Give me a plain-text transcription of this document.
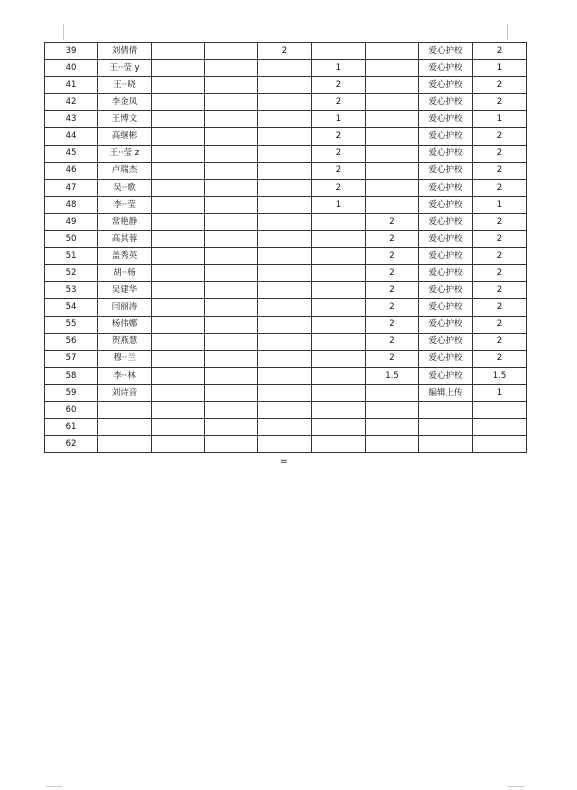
39	刘倩倩			2			爱心护校	2
40	王··莹 y				1		爱心护校	1
41	王··晓				2		爱心护校	2
42	李金凤				2		爱心护校	2
43	王博文				1		爱心护校	1
44	高继彬				2		爱心护校	2
45	王··莹 z				2		爱心护校	2
46	卢瑞杰				2		爱心护校	2
47	吴··歌				2		爱心护校	2
48	李··莹				1		爱心护校	1
49	常艳静					2	爱心护校	2
50	高其蓉					2	爱心护校	2
51	盖秀英					2	爱心护校	2
52	胡··杨					2	爱心护校	2
53	吴建华					2	爱心护校	2
54	闫丽涛					2	爱心护校	2
55	杨伟娜					2	爱心护校	2
56	贺燕慧					2	爱心护校	2
57	穆··兰					2	爱心护校	2
58	李··林					1.5	爱心护校	1.5
59	刘诗音						编辑上传	1
60								
61								
62								
=
